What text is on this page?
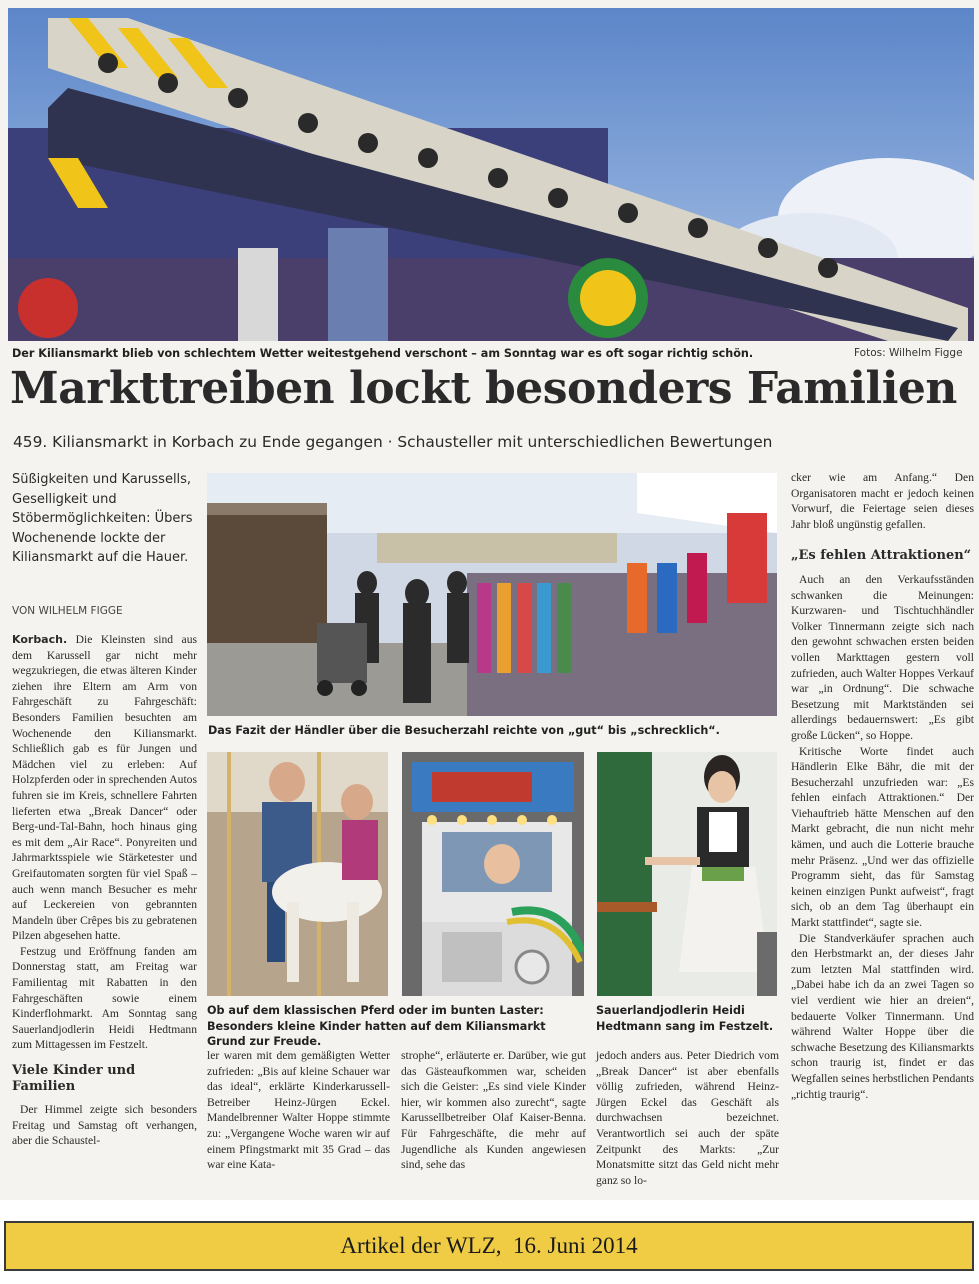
Der Kiliansmarkt blieb von schlechtem Wetter weitestgehend verschont – am Sonntag war es oft sogar richtig schön.	Fotos: Wilhelm Figge
Markttreiben lockt besonders Familien
459. Kiliansmarkt in Korbach zu Ende gegangen · Schausteller mit unterschiedlichen Bewertungen
Süßigkeiten und Karussells, Geselligkeit und Stöbermöglichkeiten: Übers Wochenende lockte der Kiliansmarkt auf die Hauer.
VON WILHELM FIGGE

Korbach. Die Kleinsten sind aus dem Karussell gar nicht mehr wegzukriegen, die etwas älteren Kinder ziehen ihre Eltern am Arm von Fahrgeschäft zu Fahrgeschäft: Besonders Familien besuchten am Wochenende den Kiliansmarkt. Schließlich gab es für Jungen und Mädchen viel zu erleben: Auf Holzpferden oder in sprechenden Autos fuhren sie im Kreis, schnellere Fahrten lieferten etwa „Break Dancer“ oder Berg-und-Tal-Bahn, hoch hinaus ging es mit dem „Air Race“. Ponyreiten und Jahrmarktsspiele wie Stärketester und Greifautomaten sorgten für viel Spaß – auch wenn manch Besucher es mehr auf Leckereien von gebrannten Mandeln über Crêpes bis zu gebratenen Pilzen abgesehen hatte.

Festzug und Eröffnung fanden am Donnerstag statt, am Freitag war Familientag mit Rabatten in den Fahrgeschäften sowie einem Kinderflohmarkt. Am Sonntag sang Sauerlandjodlerin Heidi Hedtmann zum Mittagessen im Festzelt.

Viele Kinder und Familien

Der Himmel zeigte sich besonders Freitag und Samstag oft verhangen, aber die Schaustel-

Das Fazit der Händler über die Besucherzahl reichte von „gut“ bis „schrecklich“.
Ob auf dem klassischen Pferd oder im bunten Laster: Besonders kleine Kinder hatten auf dem Kiliansmarkt Grund zur Freude.
Sauerlandjodlerin Heidi Hedtmann sang im Festzelt.

ler waren mit dem gemäßigten Wetter zufrieden: „Bis auf kleine Schauer war das ideal“, erklärte Kinderkarussell-Betreiber Heinz-Jürgen Eckel. Mandelbrenner Walter Hoppe stimmte zu: „Vergangene Woche waren wir auf einem Pfingstmarkt mit 35 Grad – das war eine Kata-

strophe“, erläuterte er. Darüber, wie gut das Gästeaufkommen war, scheiden sich die Geister: „Es sind viele Kinder hier, wir kommen also zurecht“, sagte Karussellbetreiber Olaf Kaiser-Benna. Für Fahrgeschäfte, die mehr auf Jugendliche als Kunden angewiesen sind, sehe das

jedoch anders aus. Peter Diedrich vom „Break Dancer“ ist aber ebenfalls völlig zufrieden, während Heinz-Jürgen Eckel das Geschäft als durchwachsen bezeichnet. Verantwortlich sei auch der späte Zeitpunkt des Markts: „Zur Monatsmitte sitzt das Geld nicht mehr ganz so lo-

cker wie am Anfang.“ Den Organisatoren macht er jedoch keinen Vorwurf, die Feiertage seien dieses Jahr bloß ungünstig gefallen.

„Es fehlen Attraktionen“

Auch an den Verkaufsständen schwanken die Meinungen: Kurzwaren- und Tischtuchhändler Volker Tinnermann zeigte sich nach den gewohnt schwachen ersten beiden vollen Markttagen gestern voll zufrieden, auch Walter Hoppes Verkauf war „in Ordnung“. Die schwache Besetzung mit Marktständen sei allerdings bedauernswert: „Es gibt große Lücken“, so Hoppe.

Kritische Worte findet auch Händlerin Elke Bähr, die mit der Besucherzahl unzufrieden war: „Es fehlen einfach Attraktionen.“ Der Viehauftrieb hätte Menschen auf den Markt gebracht, die nun nicht mehr kämen, und auch die Lotterie brauche mehr Präsenz. „Und wer das offizielle Programm sieht, das für Samstag keinen einzigen Punkt aufweist“, fragt sich, ob an dem Tag überhaupt ein Markt stattfindet“, sagte sie.

Die Standverkäufer sprachen auch den Herbstmarkt an, der dieses Jahr zum letzten Mal stattfinden wird. „Dabei habe ich da an zwei Tagen so viel verdient wie hier an dreien“, bedauerte Volker Tinnermann. Und während Walter Hoppe über die schwache Besetzung des Kiliansmarkts schon traurig ist, findet er das Wegfallen seines herbstlichen Pendants „richtig traurig“.

Artikel der WLZ,  16. Juni 2014
